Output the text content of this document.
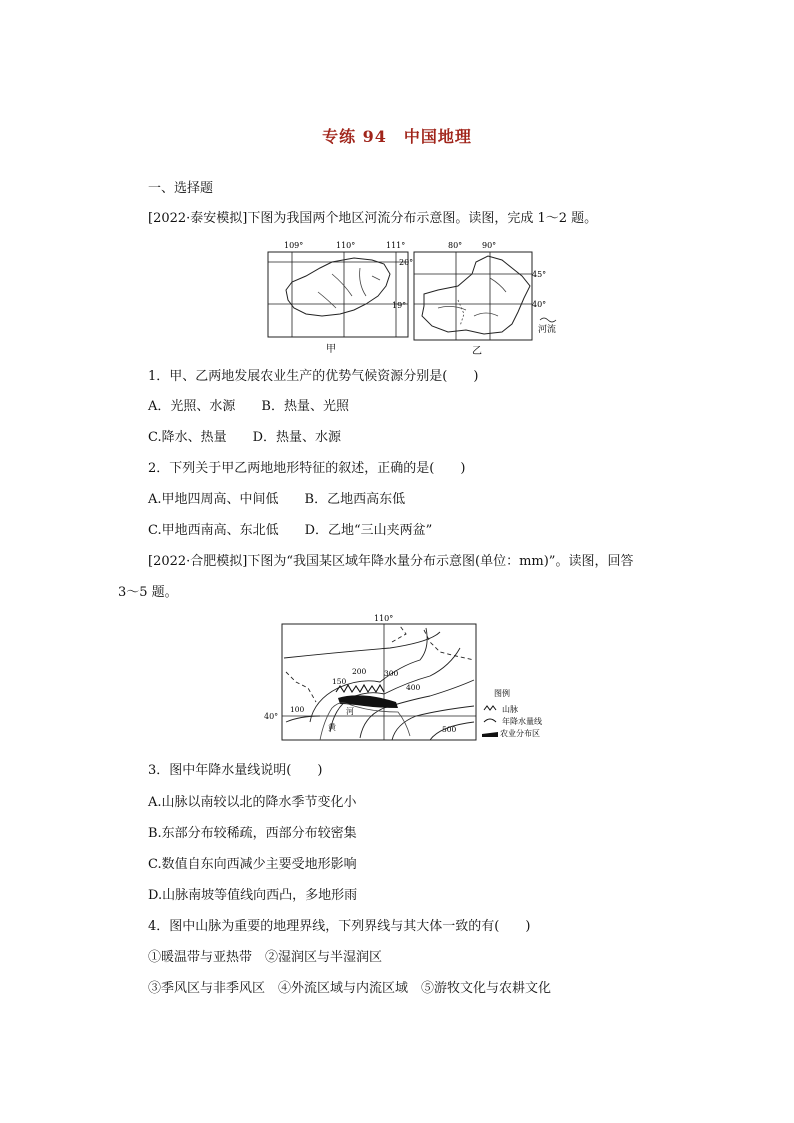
专练 94　中国地理
一、选择题
[2022·泰安模拟]下图为我国两个地区河流分布示意图。读图，完成 1～2 题。
109°	110°	111°
20°
19°
甲
80° 90°
45°
40°
河流
乙
1．甲、乙两地发展农业生产的优势气候资源分别是(　　)
A．光照、水源　　B．热量、光照
C.降水、热量　　D．热量、水源
2．下列关于甲乙两地地形特征的叙述，正确的是(　　)
A.甲地四周高、中间低　　B．乙地西高东低
C.甲地西南高、东北低　　D．乙地“三山夹两盆”
[2022·合肥模拟]下图为“我国某区域年降水量分布示意图(单位：mm)”。读图，回答
3～5 题。
110°
150
200 300
400
100
500
河
黄
图例
山脉
年降水量线
农业分布区
40°
3．图中年降水量线说明(　　)
A.山脉以南较以北的降水季节变化小
B.东部分布较稀疏，西部分布较密集
C.数值自东向西减少主要受地形影响
D.山脉南坡等值线向西凸，多地形雨
4．图中山脉为重要的地理界线，下列界线与其大体一致的有(　　)
①暖温带与亚热带　②湿润区与半湿润区
③季风区与非季风区　④外流区域与内流区域　⑤游牧文化与农耕文化
